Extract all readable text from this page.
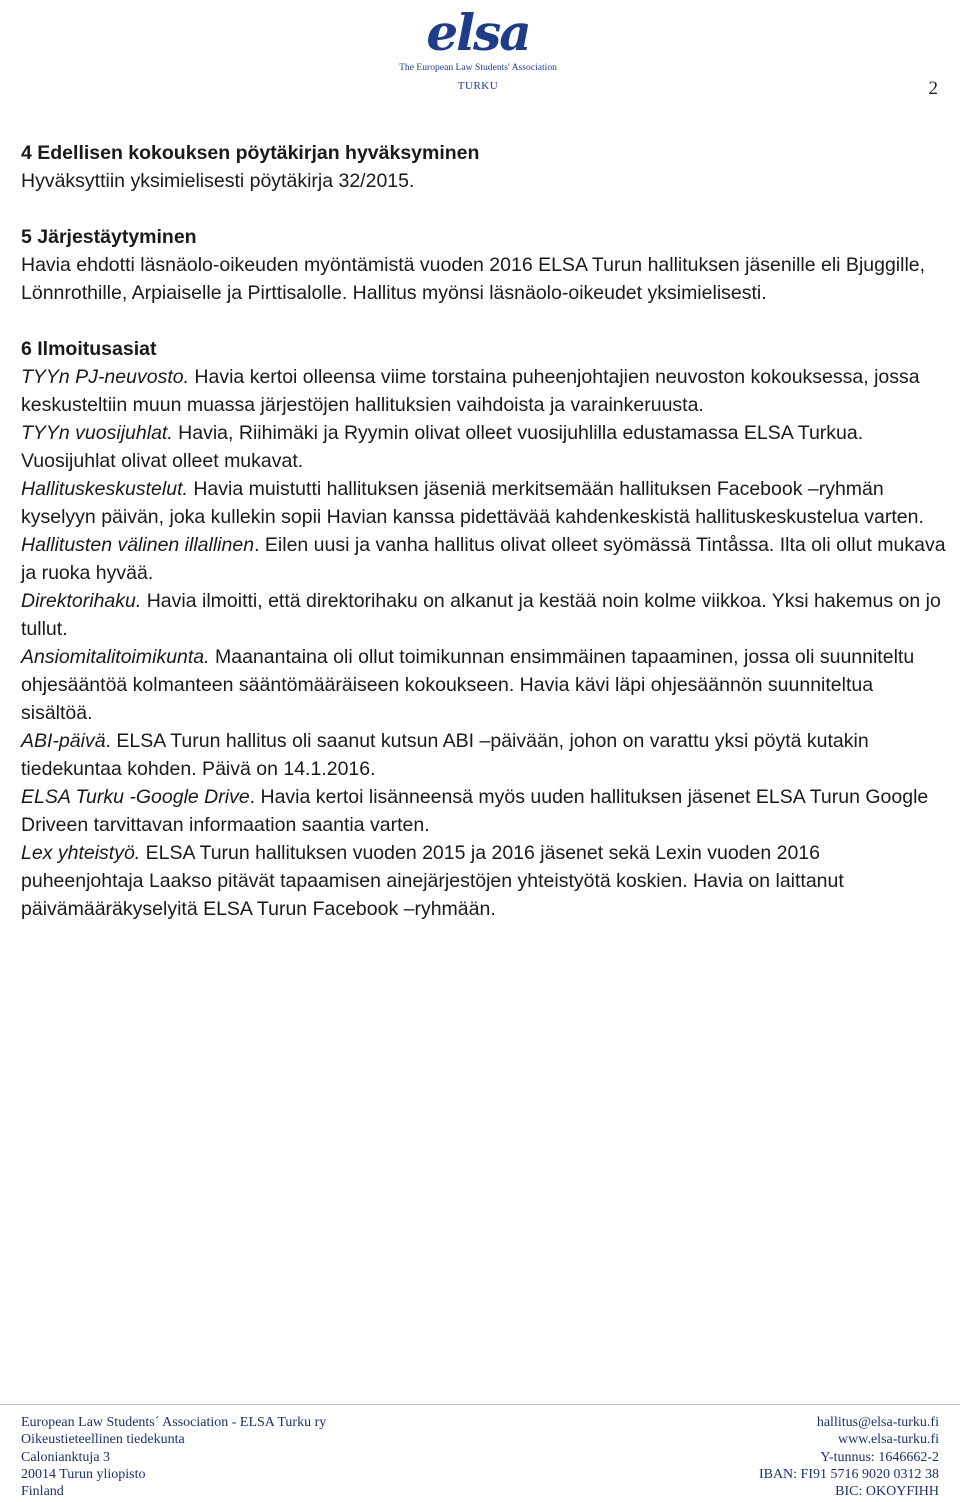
elsa
The European Law Students' Association
TURKU	2
4 Edellisen kokouksen pöytäkirjan hyväksyminen

Hyväksyttiin yksimielisesti pöytäkirja 32/2015.

5 Järjestäytyminen

Havia ehdotti läsnäolo-oikeuden myöntämistä vuoden 2016 ELSA Turun hallituksen jäsenille eli Bjuggille, Lönnrothille, Arpiaiselle ja Pirttisalolle. Hallitus myönsi läsnäolo-oikeudet yksimielisesti.

6 Ilmoitusasiat

TYYn PJ-neuvosto. Havia kertoi olleensa viime torstaina puheenjohtajien neuvoston kokouksessa, jossa keskusteltiin muun muassa järjestöjen hallituksien vaihdoista ja varainkeruusta.

TYYn vuosijuhlat. Havia, Riihimäki ja Ryymin olivat olleet vuosijuhlilla edustamassa ELSA Turkua. Vuosijuhlat olivat olleet mukavat.

Hallituskeskustelut. Havia muistutti hallituksen jäseniä merkitsemään hallituksen Facebook –ryhmän kyselyyn päivän, joka kullekin sopii Havian kanssa pidettävää kahdenkeskistä hallituskeskustelua varten.

Hallitusten välinen illallinen. Eilen uusi ja vanha hallitus olivat olleet syömässä Tintåssa. Ilta oli ollut mukava ja ruoka hyvää.

Direktorihaku. Havia ilmoitti, että direktorihaku on alkanut ja kestää noin kolme viikkoa. Yksi hakemus on jo tullut.

Ansiomitalitoimikunta. Maanantaina oli ollut toimikunnan ensimmäinen tapaaminen, jossa oli suunniteltu ohjesääntöä kolmanteen sääntömääräiseen kokoukseen. Havia kävi läpi ohjesäännön suunniteltua sisältöä.

ABI-päivä. ELSA Turun hallitus oli saanut kutsun ABI –päivään, johon on varattu yksi pöytä kutakin tiedekuntaa kohden. Päivä on 14.1.2016.

ELSA Turku -Google Drive. Havia kertoi lisänneensä myös uuden hallituksen jäsenet ELSA Turun Google Driveen tarvittavan informaation saantia varten.

Lex yhteistyö. ELSA Turun hallituksen vuoden 2015 ja 2016 jäsenet sekä Lexin vuoden 2016 puheenjohtaja Laakso pitävät tapaamisen ainejärjestöjen yhteistyötä koskien. Havia on laittanut päivämääräkyselyitä ELSA Turun Facebook –ryhmään.

European Law Students´ Association - ELSA Turku ry
Oikeustieteellinen tiedekunta
Calonianktuja 3
20014 Turun yliopisto
Finland
hallitus@elsa-turku.fi
www.elsa-turku.fi
Y-tunnus: 1646662-2
IBAN: FI91 5716 9020 0312 38
BIC: OKOYFIHH
